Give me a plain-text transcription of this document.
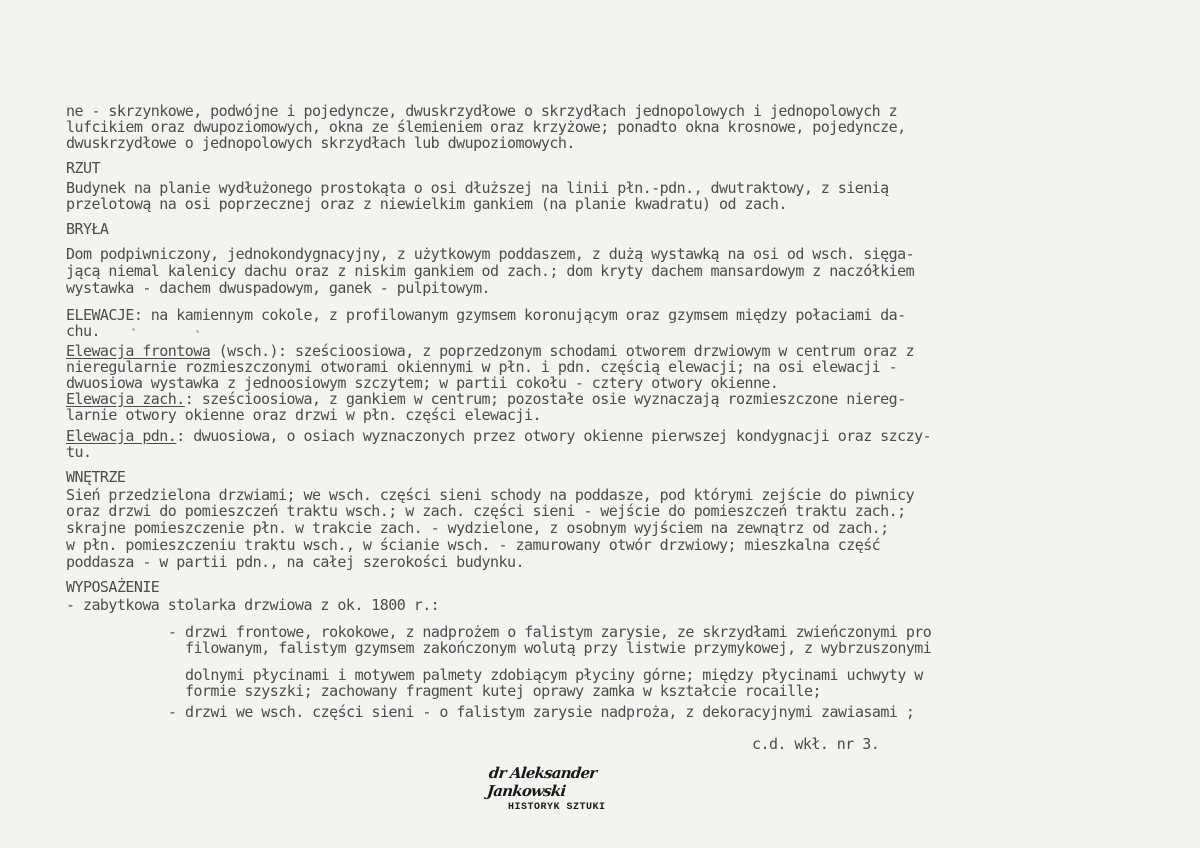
ne - skrzynkowe, podwójne i pojedyncze, dwuskrzydłowe o skrzydłach jednopolowych i jednopolowych z
lufcikiem oraz dwupoziomowych, okna ze ślemieniem oraz krzyżowe; ponadto okna krosnowe, pojedyncze,
dwuskrzydłowe o jednopolowych skrzydłach lub dwupoziomowych.
RZUT
Budynek na planie wydłużonego prostokąta o osi dłuższej na linii płn.-pdn., dwutraktowy, z sienią
przelotową na osi poprzecznej oraz z niewielkim gankiem (na planie kwadratu) od zach.
BRYŁA
Dom podpiwniczony, jednokondygnacyjny, z użytkowym poddaszem, z dużą wystawką na osi od wsch. sięga-
jącą niemal kalenicy dachu oraz z niskim gankiem od zach.; dom kryty dachem mansardowym z naczółkiem
wystawka - dachem dwuspadowym, ganek - pulpitowym.
ELEWACJE: na kamiennym cokole, z profilowanym gzymsem koronującym oraz gzymsem między połaciami da-
chu.
Elewacja frontowa (wsch.): sześcioosiowa, z poprzedzonym schodami otworem drzwiowym w centrum oraz z
nieregularnie rozmieszczonymi otworami okiennymi w płn. i pdn. częścią elewacji; na osi elewacji -
dwuosiowa wystawka z jednoosiowym szczytem; w partii cokołu - cztery otwory okienne.
Elewacja zach.: sześcioosiowa, z gankiem w centrum; pozostałe osie wyznaczają rozmieszczone niereg-
larnie otwory okienne oraz drzwi w płn. części elewacji.
Elewacja pdn.: dwuosiowa, o osiach wyznaczonych przez otwory okienne pierwszej kondygnacji oraz szczy-
tu.
WNĘTRZE
Sień przedzielona drzwiami; we wsch. części sieni schody na poddasze, pod którymi zejście do piwnicy
oraz drzwi do pomieszczeń traktu wsch.; w zach. części sieni - wejście do pomieszczeń traktu zach.;
skrajne pomieszczenie płn. w trakcie zach. - wydzielone, z osobnym wyjściem na zewnątrz od zach.;
w płn. pomieszczeniu traktu wsch., w ścianie wsch. - zamurowany otwór drzwiowy; mieszkalna część
poddasza - w partii pdn., na całej szerokości budynku.
WYPOSAŻENIE
- zabytkowa stolarka drzwiowa z ok. 1800 r.:
- drzwi frontowe, rokokowe, z nadprożem o falistym zarysie, ze skrzydłami zwieńczonymi pro
filowanym, falistym gzymsem zakończonym wolutą przy listwie przymykowej, z wybrzuszonymi
dolnymi płycinami i motywem palmety zdobiącym płyciny górne; między płycinami uchwyty w
formie szyszki; zachowany fragment kutej oprawy zamka w kształcie rocaille;
- drzwi we wsch. części sieni - o falistym zarysie nadproża, z dekoracyjnymi zawiasami ;
c.d. wkł. nr 3.
dr Aleksander Jankowski
HISTORYK SZTUKI
